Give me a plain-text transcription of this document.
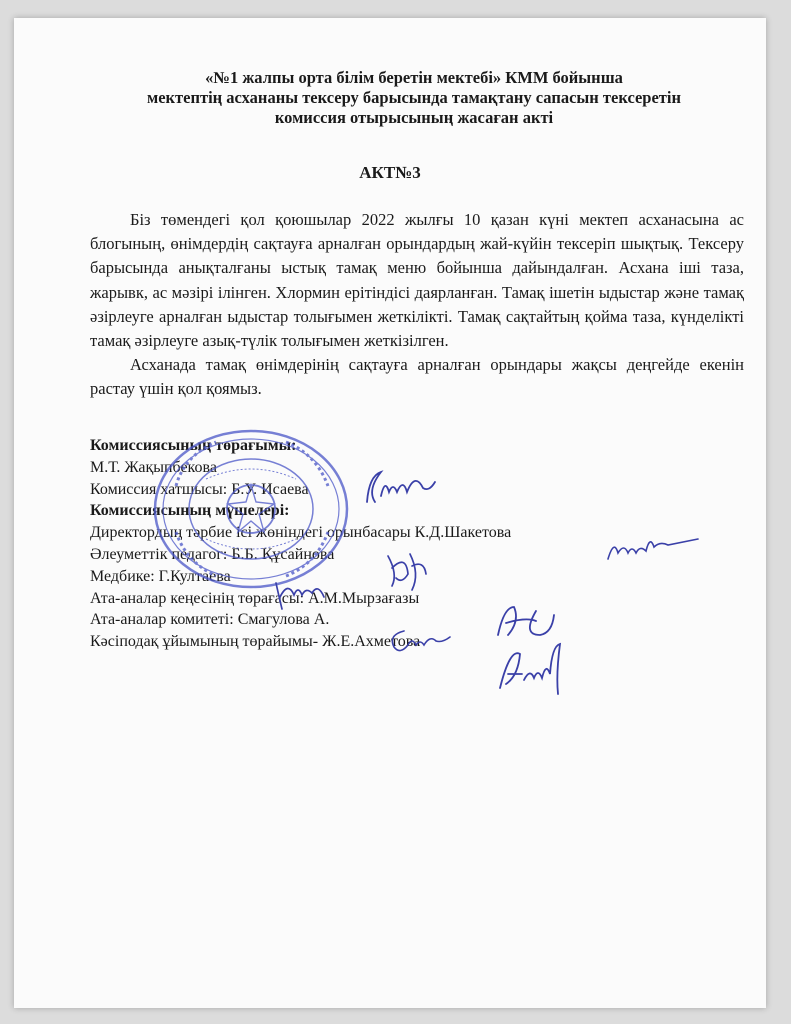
«№1 жалпы орта білім беретін мектебі» КММ бойынша
мектептің асхананы тексеру барысында тамақтану сапасын тексеретін
комиссия отырысының жасаған акті
АКТ№3

Біз төмендегі қол қоюшылар 2022 жылғы 10 қазан күні мектеп асханасына ас блогының, өнімдердің сақтауға арналған орындардың жай-күйін тексеріп шықтық. Тексеру барысында анықталғаны ыстық тамақ меню бойынша дайындалған. Асхана іші таза, жарывк, ас мәзірі ілінген. Хлормин ерітіндісі даярланған. Тамақ ішетін ыдыстар және тамақ әзірлеуге арналған ыдыстар толығымен жеткілікті. Тамақ сақтайтың қойма таза, күнделікті тамақ әзірлеуге азық-түлік толығымен жеткізілген.

Асханада тамақ өнімдерінің сақтауға арналған орындары жақсы деңгейде екенін растау үшін қол қоямыз.

Комиссиясының төрағымы:
М.Т. Жақыпбекова
Комиссия хатшысы: Б.У. Исаева
Комиссиясының мүшелері:
Директордың тәрбие ісі жөніндегі орынбасары К.Д.Шакетова
Әлеуметтік педагог: Б.Б. Құсайнова
Медбике: Г.Култаева
Ата-аналар кеңесінің төрағасы: А.М.Мырзағазы
Ата-аналар комитеті: Смагулова А.
Кәсіподақ ұйымының төрайымы- Ж.Е.Ахметова
